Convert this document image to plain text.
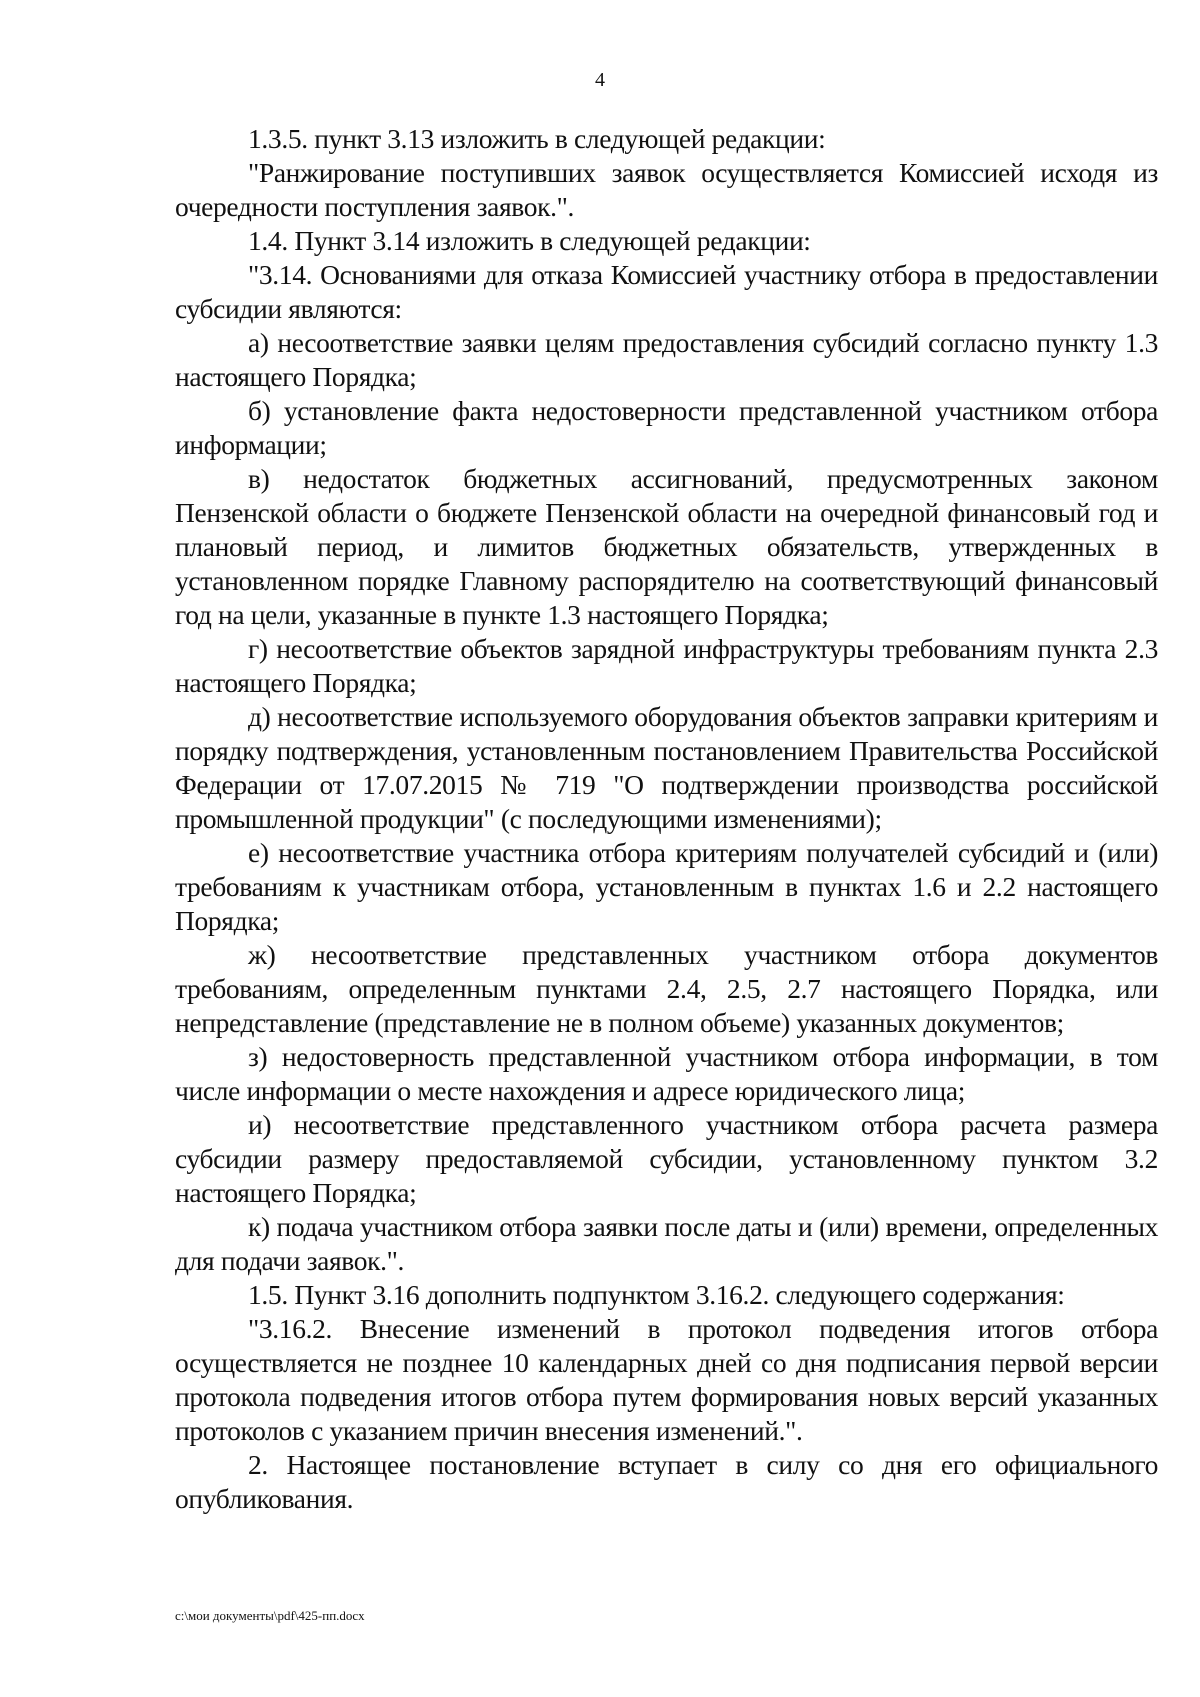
4

1.3.5. пункт 3.13 изложить в следующей редакции:

"Ранжирование поступивших заявок осуществляется Комиссией исходя из очередности поступления заявок.".

1.4. Пункт 3.14 изложить в следующей редакции:

"3.14. Основаниями для отказа Комиссией участнику отбора в предоставлении субсидии являются:

а) несоответствие заявки целям предоставления субсидий согласно пункту 1.3 настоящего Порядка;

б) установление факта недостоверности представленной участником отбора информации;

в) недостаток бюджетных ассигнований, предусмотренных законом Пензенской области о бюджете Пензенской области на очередной финансовый год и плановый период, и лимитов бюджетных обязательств, утвержденных в установленном порядке Главному распорядителю на соответствующий финансовый год на цели, указанные в пункте 1.3 настоящего Порядка;

г) несоответствие объектов зарядной инфраструктуры требованиям пункта 2.3 настоящего Порядка;

д) несоответствие используемого оборудования объектов заправки критериям и порядку подтверждения, установленным постановлением Правительства Российской Федерации от 17.07.2015 № 719 "О подтверждении производства российской промышленной продукции" (с последующими изменениями);

е) несоответствие участника отбора критериям получателей субсидий и (или) требованиям к участникам отбора, установленным в пунктах 1.6 и 2.2 настоящего Порядка;

ж) несоответствие представленных участником отбора документов требованиям, определенным пунктами 2.4, 2.5, 2.7 настоящего Порядка, или непредставление (представление не в полном объеме) указанных документов;

з) недостоверность представленной участником отбора информации, в том числе информации о месте нахождения и адресе юридического лица;

и) несоответствие представленного участником отбора расчета размера субсидии размеру предоставляемой субсидии, установленному пунктом 3.2 настоящего Порядка;

к) подача участником отбора заявки после даты и (или) времени, определенных для подачи заявок.".

1.5. Пункт 3.16 дополнить подпунктом 3.16.2. следующего содержания:

"3.16.2. Внесение изменений в протокол подведения итогов отбора осуществляется не позднее 10 календарных дней со дня подписания первой версии протокола подведения итогов отбора путем формирования новых версий указанных протоколов с указанием причин внесения изменений.".

2. Настоящее постановление вступает в силу со дня его официального опубликования.

c:\мои документы\pdf\425-пп.docx
